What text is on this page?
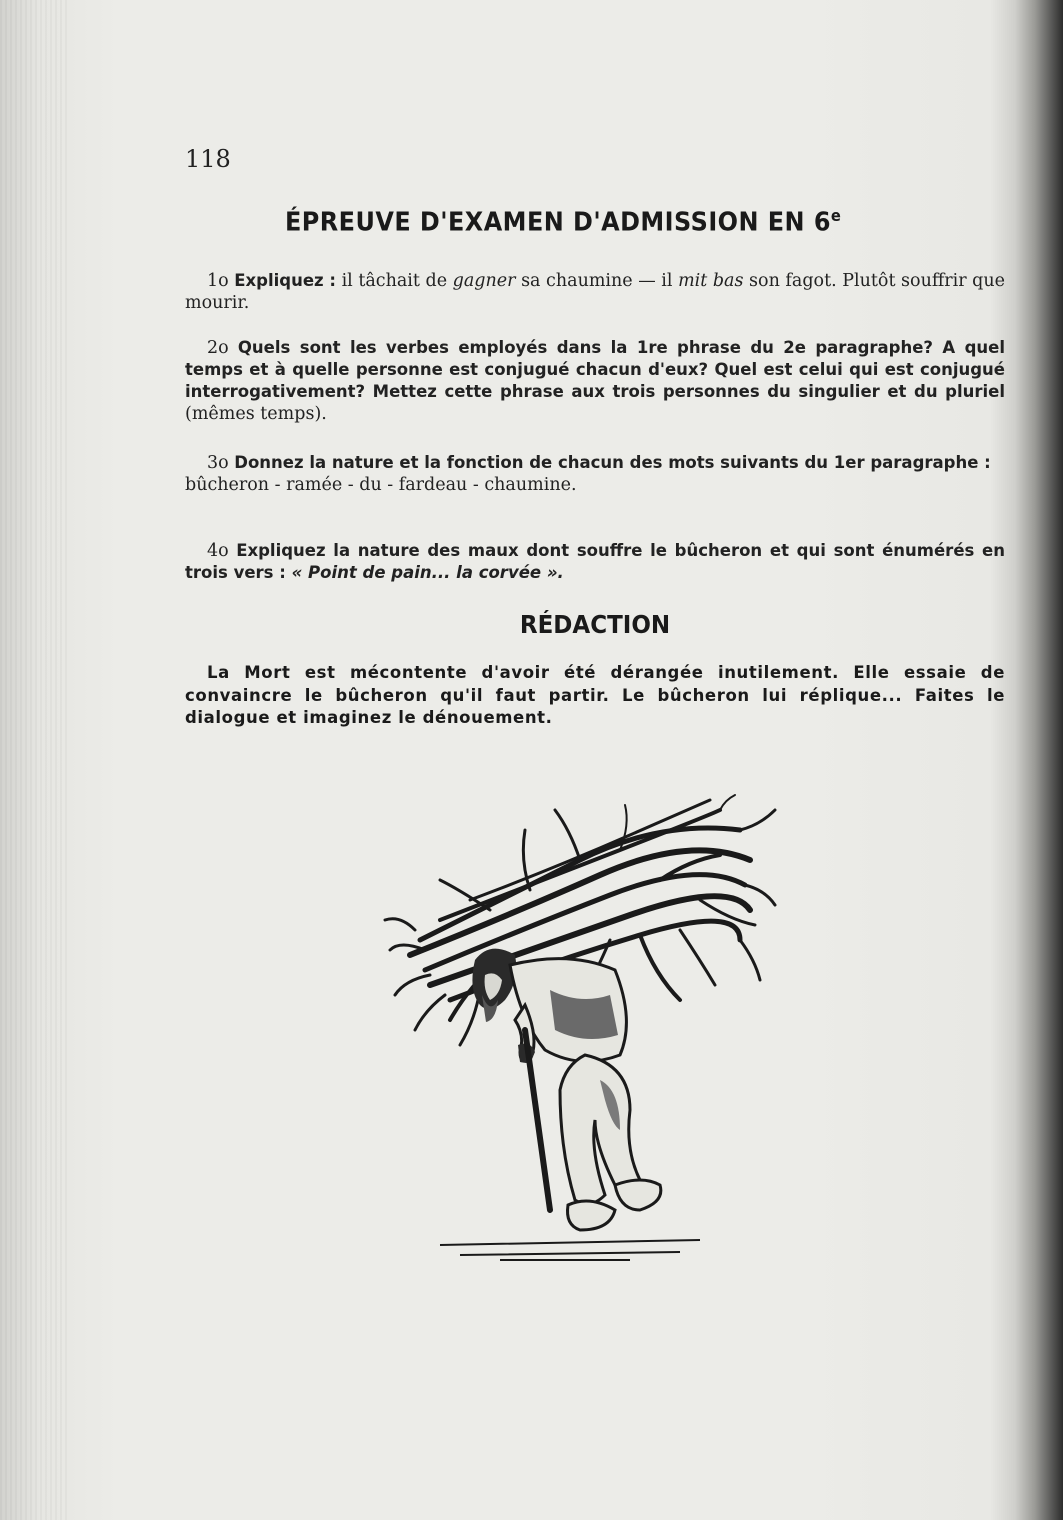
118
ÉPREUVE D'EXAMEN D'ADMISSION EN 6e
1o Expliquez : il tâchait de gagner sa chaumine — il mit bas son fagot. Plutôt souffrir que mourir.
2o Quels sont les verbes employés dans la 1re phrase du 2e paragraphe? A quel temps et à quelle personne est conjugué chacun d'eux? Quel est celui qui est conjugué interrogativement? Mettez cette phrase aux trois personnes du singulier et du pluriel (mêmes temps).
3o Donnez la nature et la fonction de chacun des mots suivants du 1er paragraphe :
bûcheron - ramée - du - fardeau - chaumine.
4o Expliquez la nature des maux dont souffre le bûcheron et qui sont énumérés en trois vers : « Point de pain... la corvée ».
RÉDACTION
La Mort est mécontente d'avoir été dérangée inutilement. Elle essaie de convaincre le bûcheron qu'il faut partir. Le bûcheron lui réplique... Faites le dialogue et imaginez le dénouement.
